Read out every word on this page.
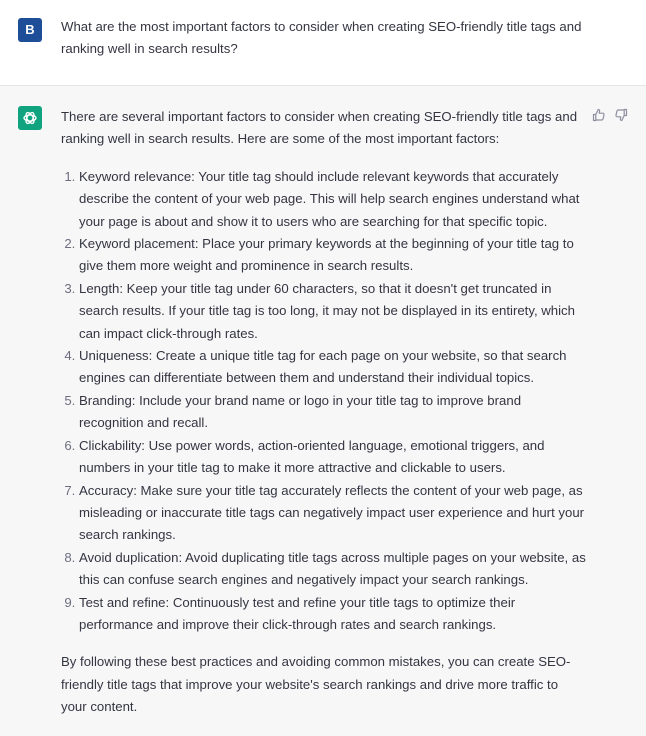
B	What are the most important factors to consider when creating SEO-friendly title tags and ranking well in search results?

There are several important factors to consider when creating SEO-friendly title tags and ranking well in search results. Here are some of the most important factors:

1. Keyword relevance: Your title tag should include relevant keywords that accurately describe the content of your web page. This will help search engines understand what your page is about and show it to users who are searching for that specific topic.
2. Keyword placement: Place your primary keywords at the beginning of your title tag to give them more weight and prominence in search results.
3. Length: Keep your title tag under 60 characters, so that it doesn't get truncated in search results. If your title tag is too long, it may not be displayed in its entirety, which can impact click-through rates.
4. Uniqueness: Create a unique title tag for each page on your website, so that search engines can differentiate between them and understand their individual topics.
5. Branding: Include your brand name or logo in your title tag to improve brand recognition and recall.
6. Clickability: Use power words, action-oriented language, emotional triggers, and numbers in your title tag to make it more attractive and clickable to users.
7. Accuracy: Make sure your title tag accurately reflects the content of your web page, as misleading or inaccurate title tags can negatively impact user experience and hurt your search rankings.
8. Avoid duplication: Avoid duplicating title tags across multiple pages on your website, as this can confuse search engines and negatively impact your search rankings.
9. Test and refine: Continuously test and refine your title tags to optimize their performance and improve their click-through rates and search rankings.

By following these best practices and avoiding common mistakes, you can create SEO-friendly title tags that improve your website's search rankings and drive more traffic to your content.
